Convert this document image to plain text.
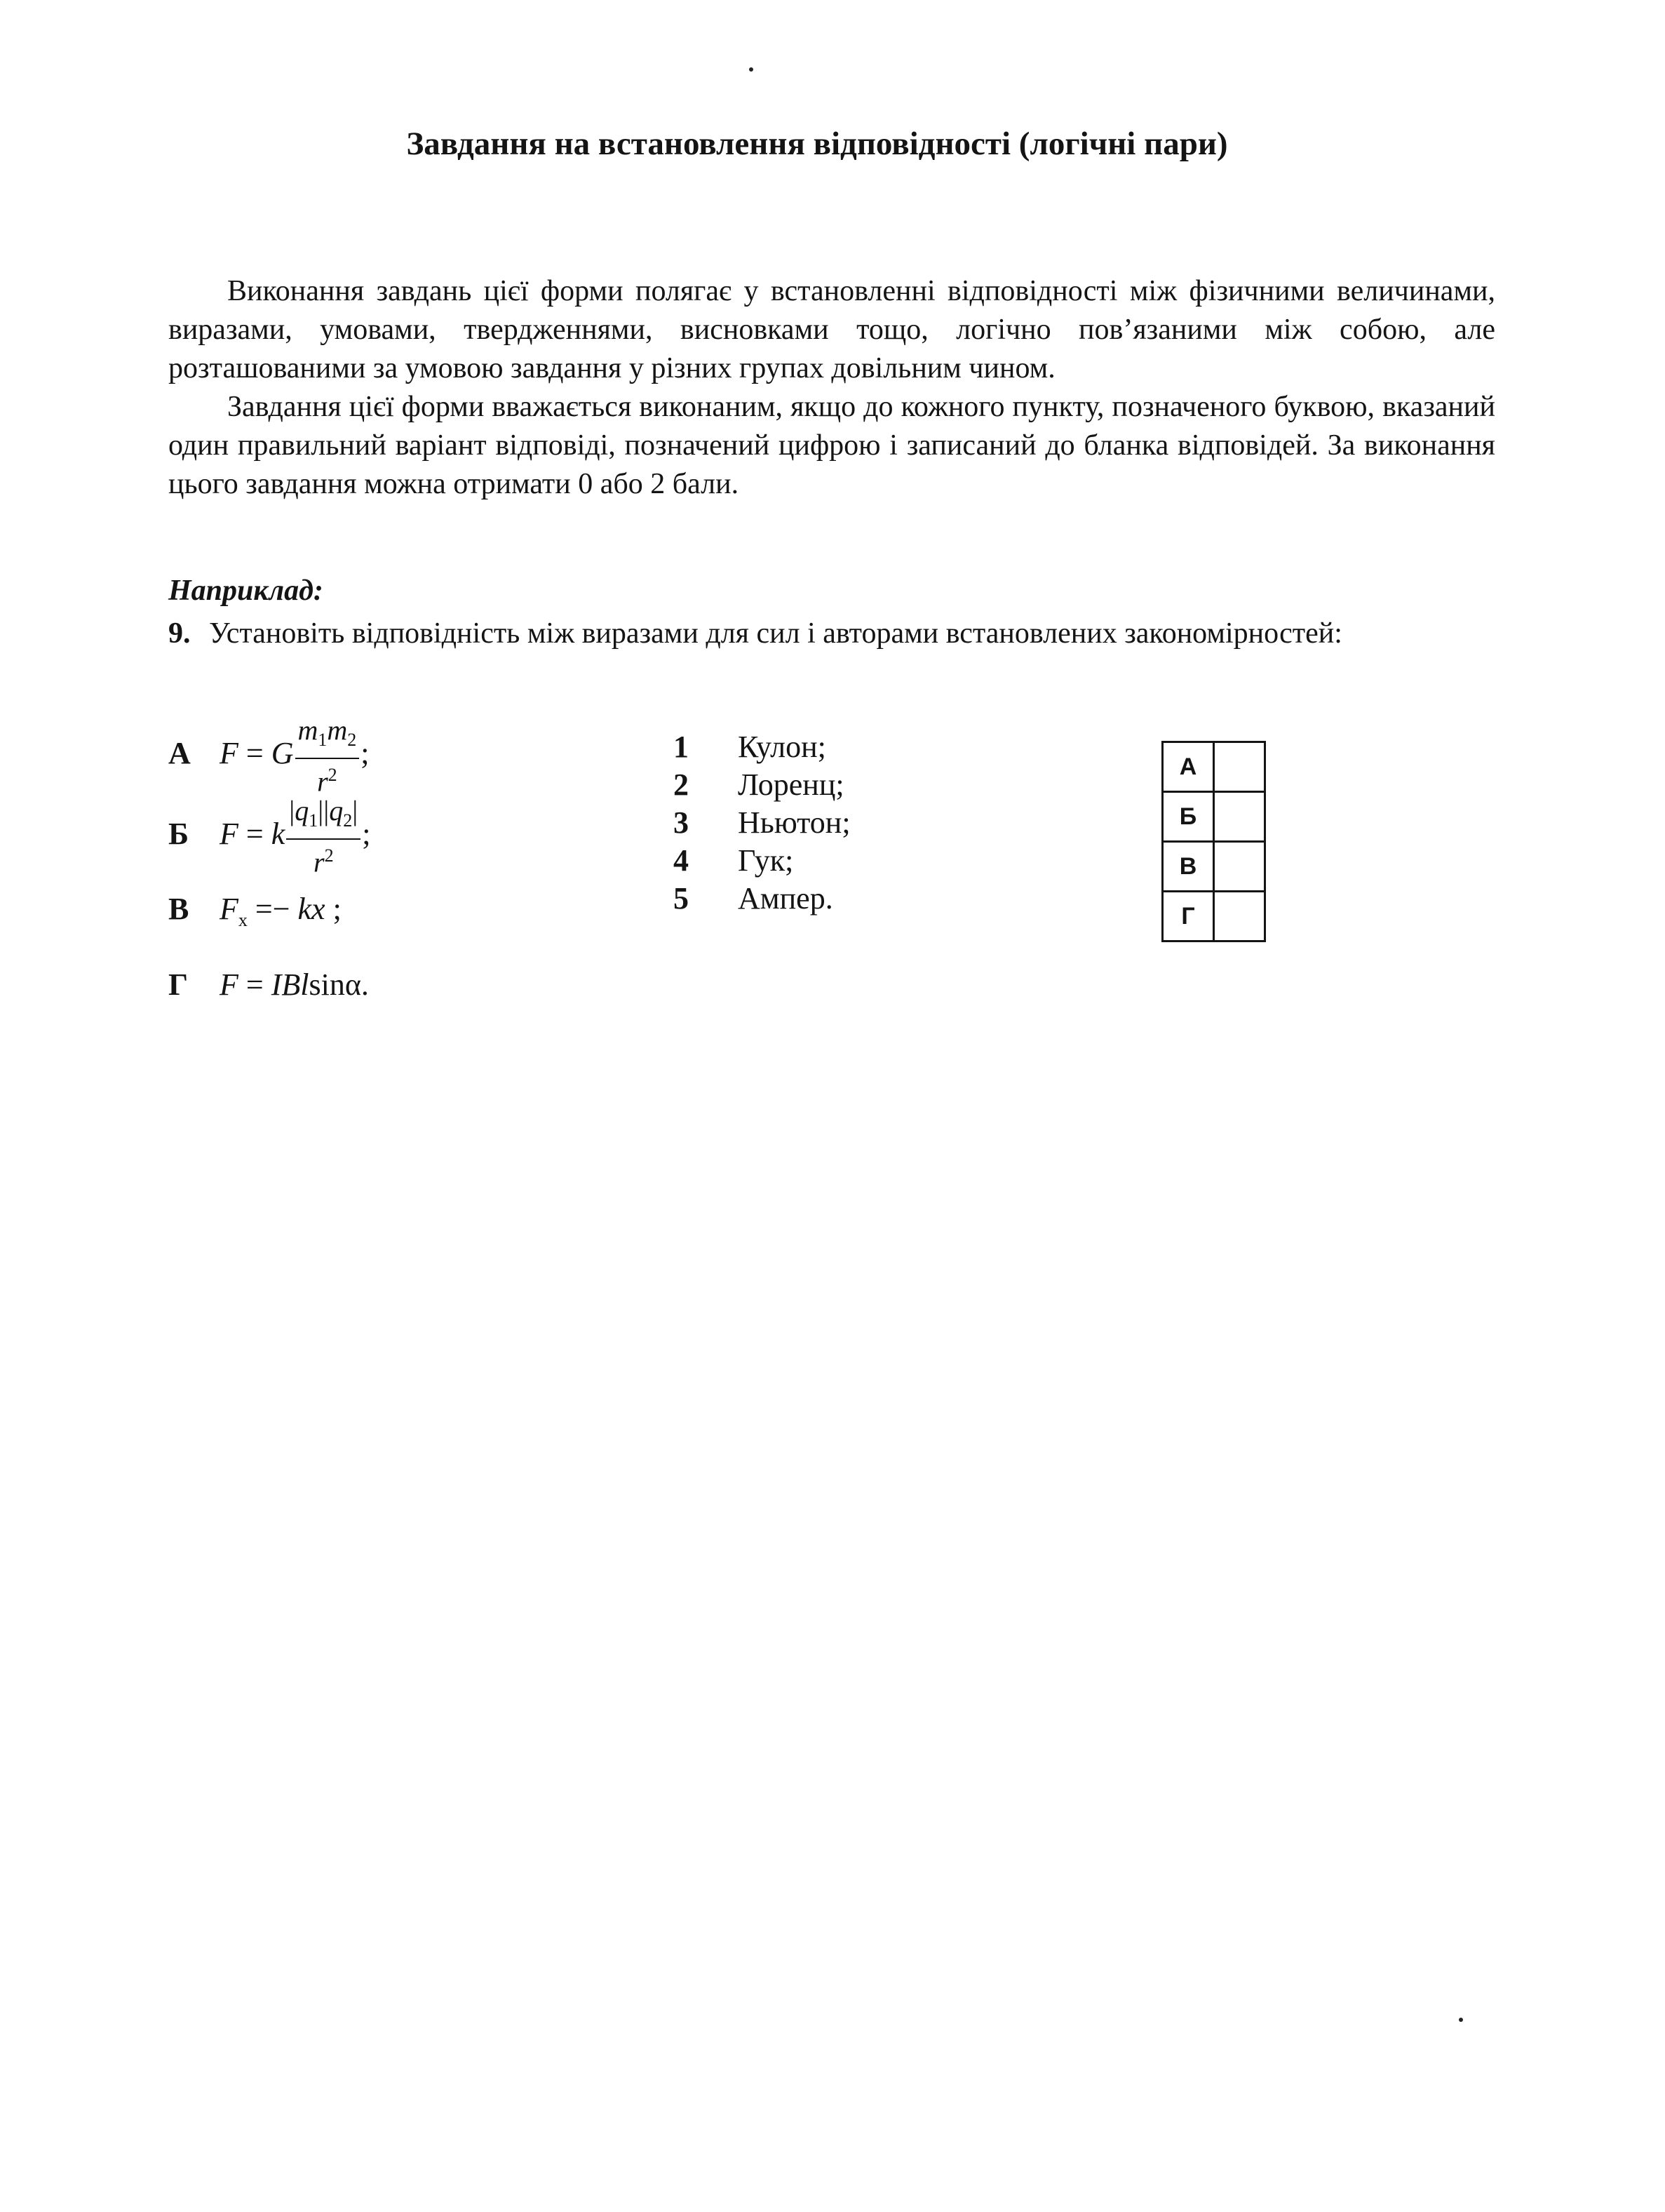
Завдання на встановлення відповідності (логічні пари)

Виконання завдань цієї форми полягає у встановленні відповідності між фізичними величинами, виразами, умовами, твердженнями, висновками тощо, логічно пов’язаними між собою, але розташованими за умовою завдання у різних групах довільним чином.

Завдання цієї форми вважається виконаним, якщо до кожного пункту, позначеного буквою, вказаний один правильний варіант відповіді, позначений цифрою і записаний до бланка відповідей. За виконання цього завдання можна отримати 0 або 2 бали.

Наприклад:
9. Установіть відповідність між виразами для сил і авторами встановлених закономірностей:
А F = G $\frac{m_1m_2}{r^2}$ ;
Б F = k $\frac{|q_1||q_2|}{r^2}$ ;
В $F_x$ =− kx ;
Г F = IBlsinα.
1 Кулон;
2 Лоренц;
3 Ньютон;
4 Гук;
5 Ампер.
А	
Б	
В	
Г	
